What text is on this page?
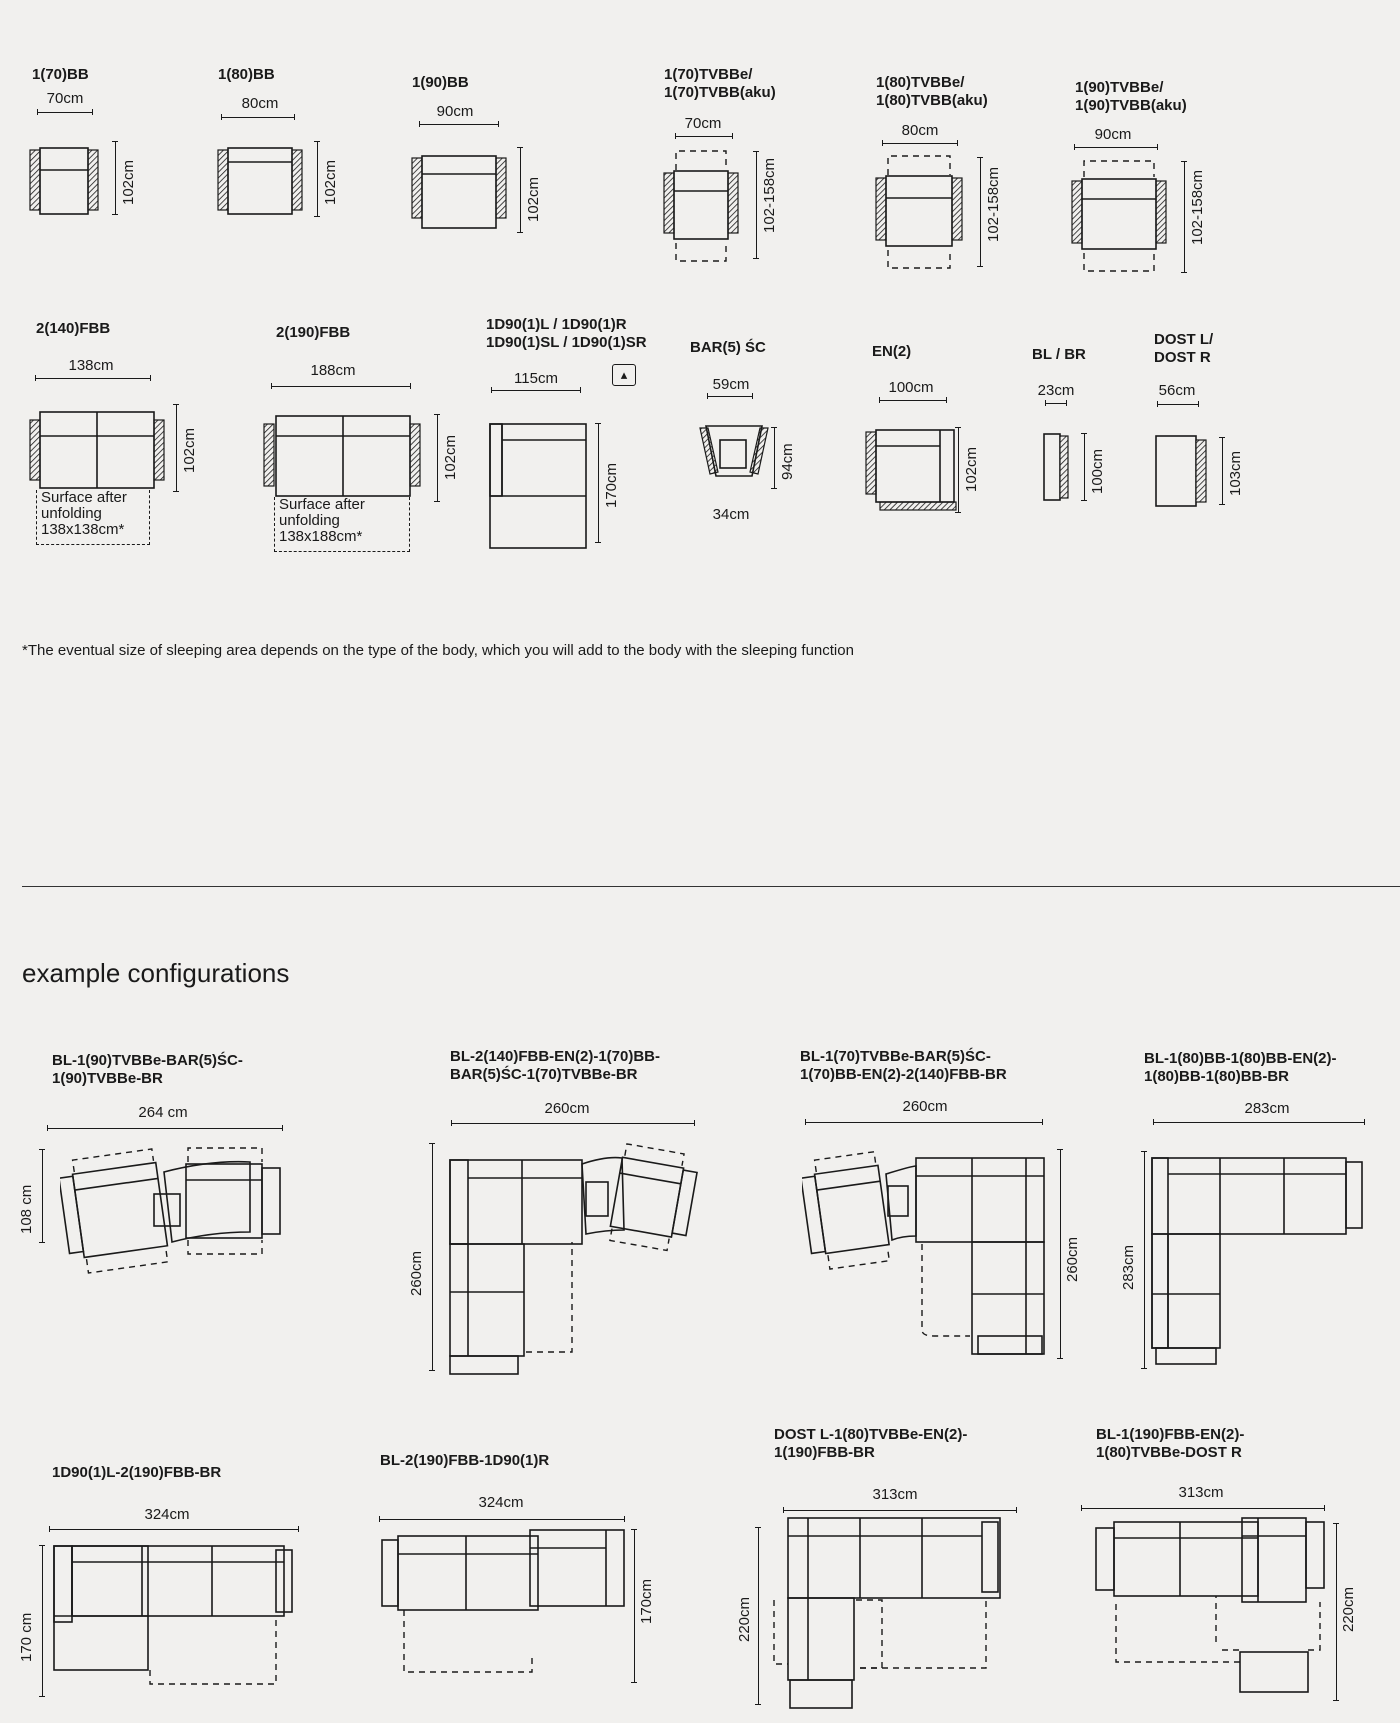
1(70)BB
70cm
102cm
1(80)BB
80cm
102cm
1(90)BB
90cm
102cm
1(70)TVBBe/
1(70)TVBB(aku)
70cm
102-158cm
1(80)TVBBe/
1(80)TVBB(aku)
80cm
102-158cm
1(90)TVBBe/
1(90)TVBB(aku)
90cm
102-158cm
2(140)FBB
138cm
102cm
Surface after
unfolding
138x138cm*
2(190)FBB
188cm
102cm
Surface after
unfolding
138x188cm*
1D90(1)L / 1D90(1)R
1D90(1)SL / 1D90(1)SR
115cm	▴
170cm
BAR(5) ŚC
59cm
34cm
94cm
EN(2)
100cm
102cm
BL / BR
23cm
100cm
DOST L/
DOST R
56cm
103cm
*The eventual size of sleeping area depends on the type of the body, which you will add to the body with the sleeping function
example configurations
BL-1(90)TVBBe-BAR(5)ŚC-
1(90)TVBBe-BR
264 cm
108 cm
BL-2(140)FBB-EN(2)-1(70)BB-
BAR(5)ŚC-1(70)TVBBe-BR
260cm
260cm
BL-1(70)TVBBe-BAR(5)ŚC-
1(70)BB-EN(2)-2(140)FBB-BR
260cm
260cm
BL-1(80)BB-1(80)BB-EN(2)-
1(80)BB-1(80)BB-BR
283cm
283cm
1D90(1)L-2(190)FBB-BR
324cm
170 cm
BL-2(190)FBB-1D90(1)R
324cm
170cm
DOST L-1(80)TVBBe-EN(2)-
1(190)FBB-BR
313cm
220cm
BL-1(190)FBB-EN(2)-
1(80)TVBBe-DOST R
313cm
220cm
